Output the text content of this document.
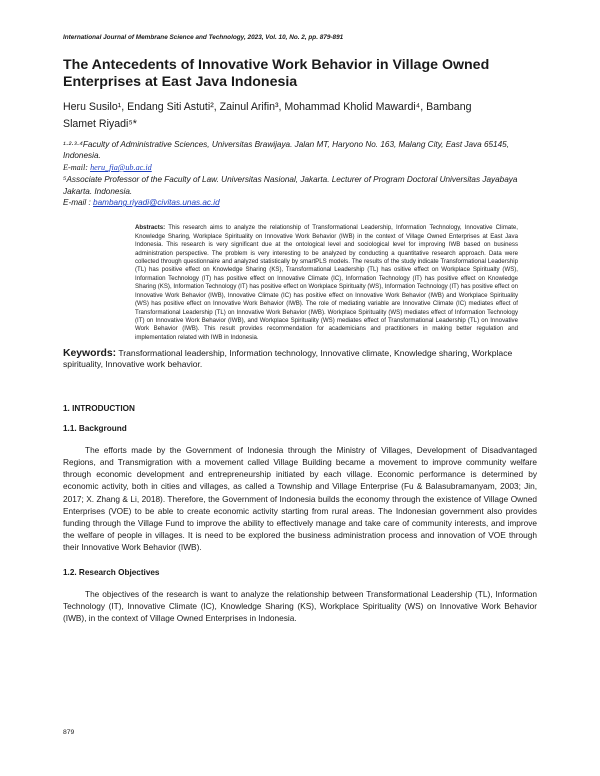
International Journal of Membrane Science and Technology, 2023, Vol. 10, No. 2, pp. 879-891

The Antecedents of Innovative Work Behavior in Village Owned Enterprises at East Java Indonesia
Heru Susilo¹, Endang Siti Astuti², Zainul Arifin³, Mohammad Kholid Mawardi⁴, Bambang
Slamet Riyadi⁵*

¹·²·³·⁴Faculty of Administrative Sciences, Universitas Brawijaya. Jalan MT, Haryono No. 163, Malang City, East Java 65145, Indonesia.

E-mail: heru_fia@ub.ac.id

⁵Associate Professor of the Faculty of Law. Universitas Nasional, Jakarta. Lecturer of Program Doctoral Universitas Jayabaya Jakarta. Indonesia.

E-mail : bambang.riyadi@civitas.unas.ac.id

Abstracts: This research aims to analyze the relationship of Transformational Leadership, Information Technology, Innovative Climate, Knowledge Sharing, Workplace Spirituality on Innovative Work Behavior (IWB) in the context of Village Owned Enterprises at East Java Indonesia. This research is very significant due at the ontological level and sociological level for improving IWB based on business administration perspective. The problem is very interesting to be analyzed by conducting a quantitative research approach. Data were collected through questionnaire and analyzed statistically by smartPLS models. The results of the study indicate Transformational Leadership (TL) has positive effect on Knowledge Sharing (KS), Transformational Leadership (TL) has ositive effect on Workplace Spiritualty (WS), Information Technology (IT) has positive effect on Innovative Climate (IC), Information Technology (IT) has positive effect on Knowledge Sharing (KS), Information Technology (IT) has positive effect on Workplace Spiritualty (WS), Information Technology (IT) has positive effect on Innovative Work Behavior (IWB), Innovative Climate (IC) has positive effect on Innovative Work Behavior (IWB) and Workplace Spirituality (WS) has positive effect on Innovative Work Behavior (IWB). The role of mediating variable are Innovative Climate (IC) mediates effect of Transformational Leadership (TL) on Innovative Work Behavior (IWB). Workplace Spirituality (WS) mediates effect of Information Technology (IT) on Innovative Work Behavior (IWB), and Workplace Spirituality (WS) mediates effect of Transformational Leadership (TL) on Innovative Work Behavior (IWB). This result provides recommendation for academicians and practitioners in making better regulation and implementation related with IWB in Indonesia.

Keywords: Transformational leadership, Information technology, Innovative climate, Knowledge sharing, Workplace spirituality, Innovative work behavior.

1. INTRODUCTION
1.1. Background

The efforts made by the Government of Indonesia through the Ministry of Villages, Development of Disadvantaged Regions, and Transmigration with a movement called Village Building became a movement to improve community welfare through economic development and entrepreneurship initiated by each village. Economic performance is determined by economic activity, both in cities and villages, as called a Township and Village Enterprise (Fu & Balasubramanyam, 2003; Jin, 2017; X. Zhang & Li, 2018). Therefore, the Government of Indonesia builds the economy through the existence of Village Owned Enterprises (VOE) to be able to create economic activity starting from rural areas. The Indonesian government also provides funding through the Village Fund to improve the ability to effectively manage and take care of community interests, and improve the welfare of people in villages. It is need to be explored the business administration process and innovation of VOE through their Innovative Work Behavior (IWB).

1.2. Research Objectives

The objectives of the research is want to analyze the relationship between Transformational Leadership (TL), Information Technology (IT), Innovative Climate (IC), Knowledge Sharing (KS), Workplace Spirituality (WS) on Innovative Work Behavior (IWB), in the context of Village Owned Enterprises in Indonesia.

879
